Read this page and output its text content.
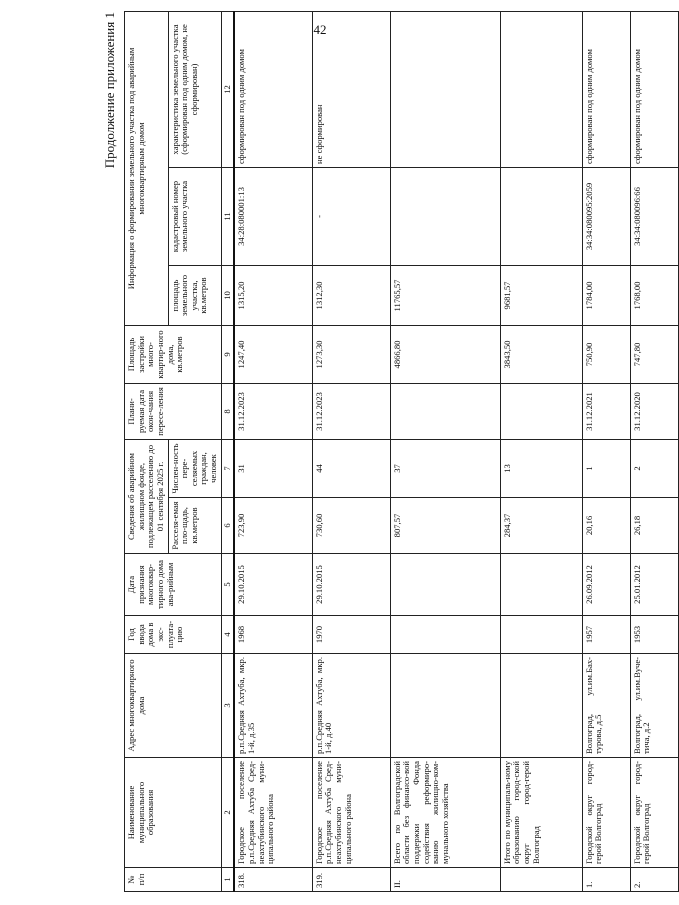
42
Продолжение приложения 1
№ п/п	Наименование муниципального образования	Адрес многоквартирного дома	Год ввода дома в экс-плуата-цию	Дата признания многоквар-тирного дома ава-рийным	Сведения об аварийном жилищном фонде, подлежащем расселению до 01 сентября 2025 г.		Плани-руемая дата окон-чания пересе-ления	Площадь застройки много-квартир-ного дома, кв.метров	Информация о формировании земельного участка под аварийным многоквартирным домом		
					Расселя-емая пло-щадь, кв.метров	Числен-ность пере-селяемых граждан, человек			площадь земельного участка, кв.метров	кадастровый номер земельного участка	характеристика земельного участка (сформирован под одним домом, не сформирован)
1	2	3	4	5	6	7	8	9	10	11	12
318.	Городское поселение р.п.Средняя Ахтуба Сред-неахтубинского муни-ципального района	р.п.Средняя Ахтуба, мкр. 1-й, д.35	1968	29.10.2015	723,90	31	31.12.2023	1247,40	1315,20	34:28:080001:13	сформирован под одним домом
319.	Городское поселение р.п.Средняя Ахтуба Сред-неахтубинского муни-ципального района	р.п.Средняя Ахтуба, мкр. 1-й, д.40	1970	29.10.2015	730,60	44	31.12.2023	1273,30	1312,30	-	не сформирован
II.	Всего по Волгоградской области без финансо-вой поддержки Фонда содействия реформиро-ванию жилищно-ком-мунального хозяйства				807,57	37		4866,80	11765,57		
	Итого по муниципаль-ному образованию город-ской округ город-герой Волгоград				284,37	13		3843,50	9681,57		
1.	Городской округ город-герой Волгоград	Волгоград, ул.им.Бах-турова, д.5	1957	26.09.2012	20,16	1	31.12.2021	750,90	1784,00	34:34:080095:2059	сформирован под одним домом
2.	Городской округ город-герой Волгоград	Волгоград, ул.им.Вуче-тича, д.2	1953	25.01.2012	26,18	2	31.12.2020	747,80	1768,00	34:34:080096:66	сформирован под одним домом
